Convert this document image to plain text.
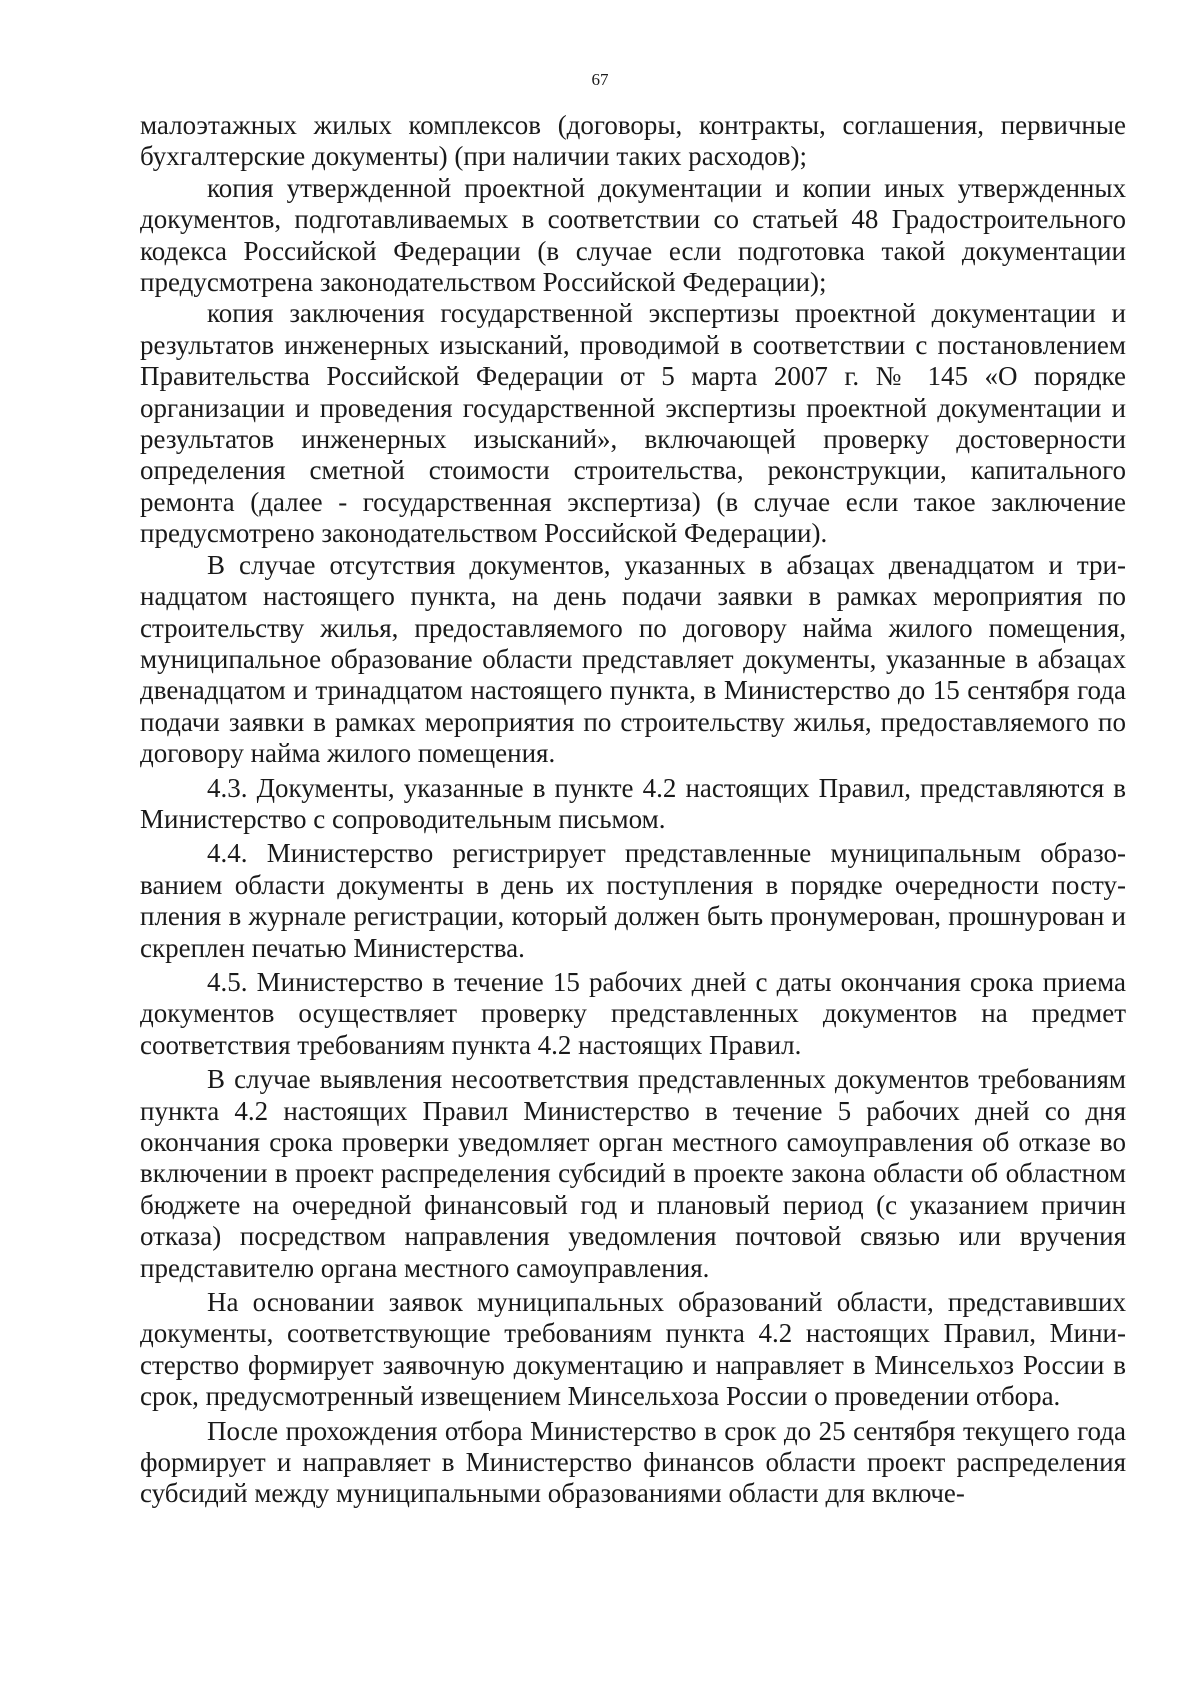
67

малоэтажных жилых комплексов (договоры, контракты, соглашения, первичные бухгалтерские документы) (при наличии таких расходов);

копия утвержденной проектной документации и копии иных утвержденных документов, подготавливаемых в соответствии со статьей 48 Градостроительного кодекса Российской Федерации (в случае если подготовка такой документации предусмотрена законодательством Российской Федерации);

копия заключения государственной экспертизы проектной документации и результатов инженерных изысканий, проводимой в соответствии с постановлением Правительства Российской Федерации от 5 марта 2007 г. № 145 «О порядке организации и проведения государственной экспертизы проектной документации и результатов инженерных изысканий», включающей проверку достоверности определения сметной стоимости строительства, реконструкции, капитального ремонта (далее - государственная экспертиза) (в случае если такое заключение предусмотрено законодательством Российской Федерации).

В случае отсутствия документов, указанных в абзацах двенадцатом и тринадцатом настоящего пункта, на день подачи заявки в рамках мероприятия по строительству жилья, предоставляемого по договору найма жилого помещения, муниципальное образование области представляет документы, указанные в абзацах двенадцатом и тринадцатом настоящего пункта, в Министерство до 15 сентября года подачи заявки в рамках мероприятия по строительству жилья, предоставляемого по договору найма жилого помещения.

4.3. Документы, указанные в пункте 4.2 настоящих Правил, представляются в Министерство с сопроводительным письмом.

4.4. Министерство регистрирует представленные муниципальным образованием области документы в день их поступления в порядке очередности поступления в журнале регистрации, который должен быть пронумерован, прошнурован и скреплен печатью Министерства.

4.5. Министерство в течение 15 рабочих дней с даты окончания срока приема документов осуществляет проверку представленных документов на предмет соответствия требованиям пункта 4.2 настоящих Правил.

В случае выявления несоответствия представленных документов требованиям пункта 4.2 настоящих Правил Министерство в течение 5 рабочих дней со дня окончания срока проверки уведомляет орган местного самоуправления об отказе во включении в проект распределения субсидий в проекте закона области об областном бюджете на очередной финансовый год и плановый период (с указанием причин отказа) посредством направления уведомления почтовой связью или вручения представителю органа местного самоуправления.

На основании заявок муниципальных образований области, представивших документы, соответствующие требованиям пункта 4.2 настоящих Правил, Министерство формирует заявочную документацию и направляет в Минсельхоз России в срок, предусмотренный извещением Минсельхоза России о проведении отбора.

После прохождения отбора Министерство в срок до 25 сентября текущего года формирует и направляет в Министерство финансов области проект распределения субсидий между муниципальными образованиями области для включе-
